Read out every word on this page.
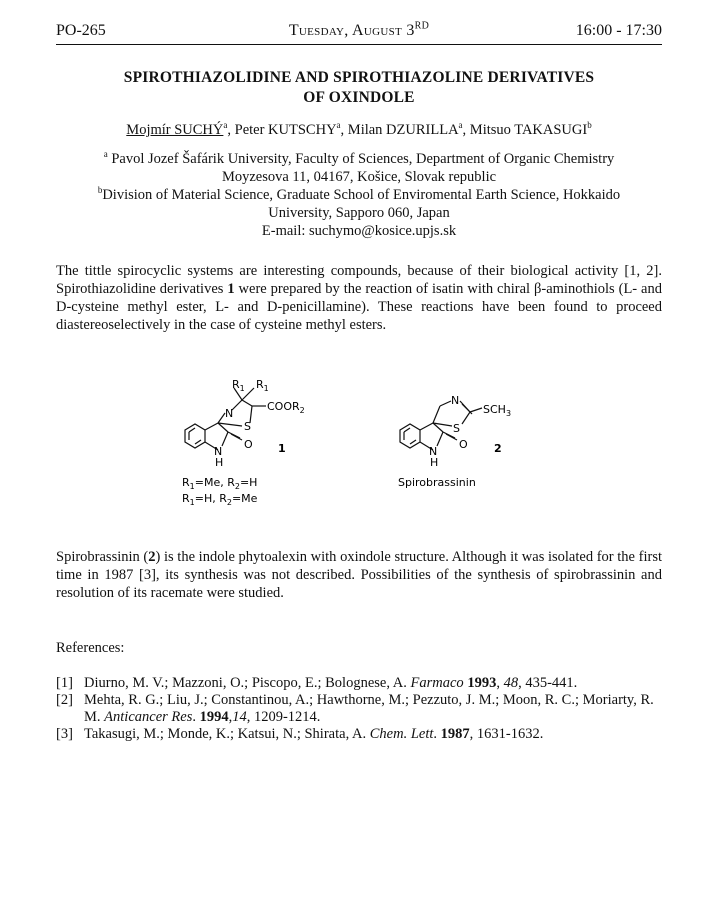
PO-265	Tuesday, August 3RD	16:00 - 17:30
SPIROTHIAZOLIDINE AND SPIROTHIAZOLINE DERIVATIVES
OF OXINDOLE
Mojmír SUCHÝ$^a$, Peter KUTSCHY$^a$, Milan DZURILLA$^a$, Mitsuo TAKASUGI$^b$
$^a$ Pavol Jozef Šafárik University, Faculty of Sciences, Department of Organic Chemistry
Moyzesova 11, 04167, Košice, Slovak republic
$^b$Division of Material Science, Graduate School of Enviromental Earth Science, Hokkaido
University, Sapporo 060, Japan
E-mail: suchymo@kosice.upjs.sk
The tittle spirocyclic systems are interesting compounds, because of their biological activity [1, 2]. Spirothiazolidine derivatives 1 were prepared by the reaction of isatin with chiral β-aminothiols (L- and D-cysteine methyl ester, L- and D-penicillamine). These reactions have been found to proceed diastereoselectively in the case of cysteine methyl esters.
$R_1$ $R_1$
$COOR_2$
N
S
N
H
O 1
$R_1=Me$, $R_2=H$
$R_1=H$, $R_2=Me$
N
$SCH_3$
S
N
H
O 2
Spirobrassinin
Spirobrassinin (2) is the indole phytoalexin with oxindole structure. Although it was isolated for the first time in 1987 [3], its synthesis was not described. Possibilities of the synthesis of spirobrassinin and resolution of its racemate were studied.
References:
[1] Diurno, M. V.; Mazzoni, O.; Piscopo, E.; Bolognese, A. Farmaco 1993, 48, 435-441.
[2] Mehta, R. G.; Liu, J.; Constantinou, A.; Hawthorne, M.; Pezzuto, J. M.; Moon, R. C.; Moriarty, R. M. Anticancer Res. 1994,14, 1209-1214.
[3] Takasugi, M.; Monde, K.; Katsui, N.; Shirata, A. Chem. Lett. 1987, 1631-1632.
